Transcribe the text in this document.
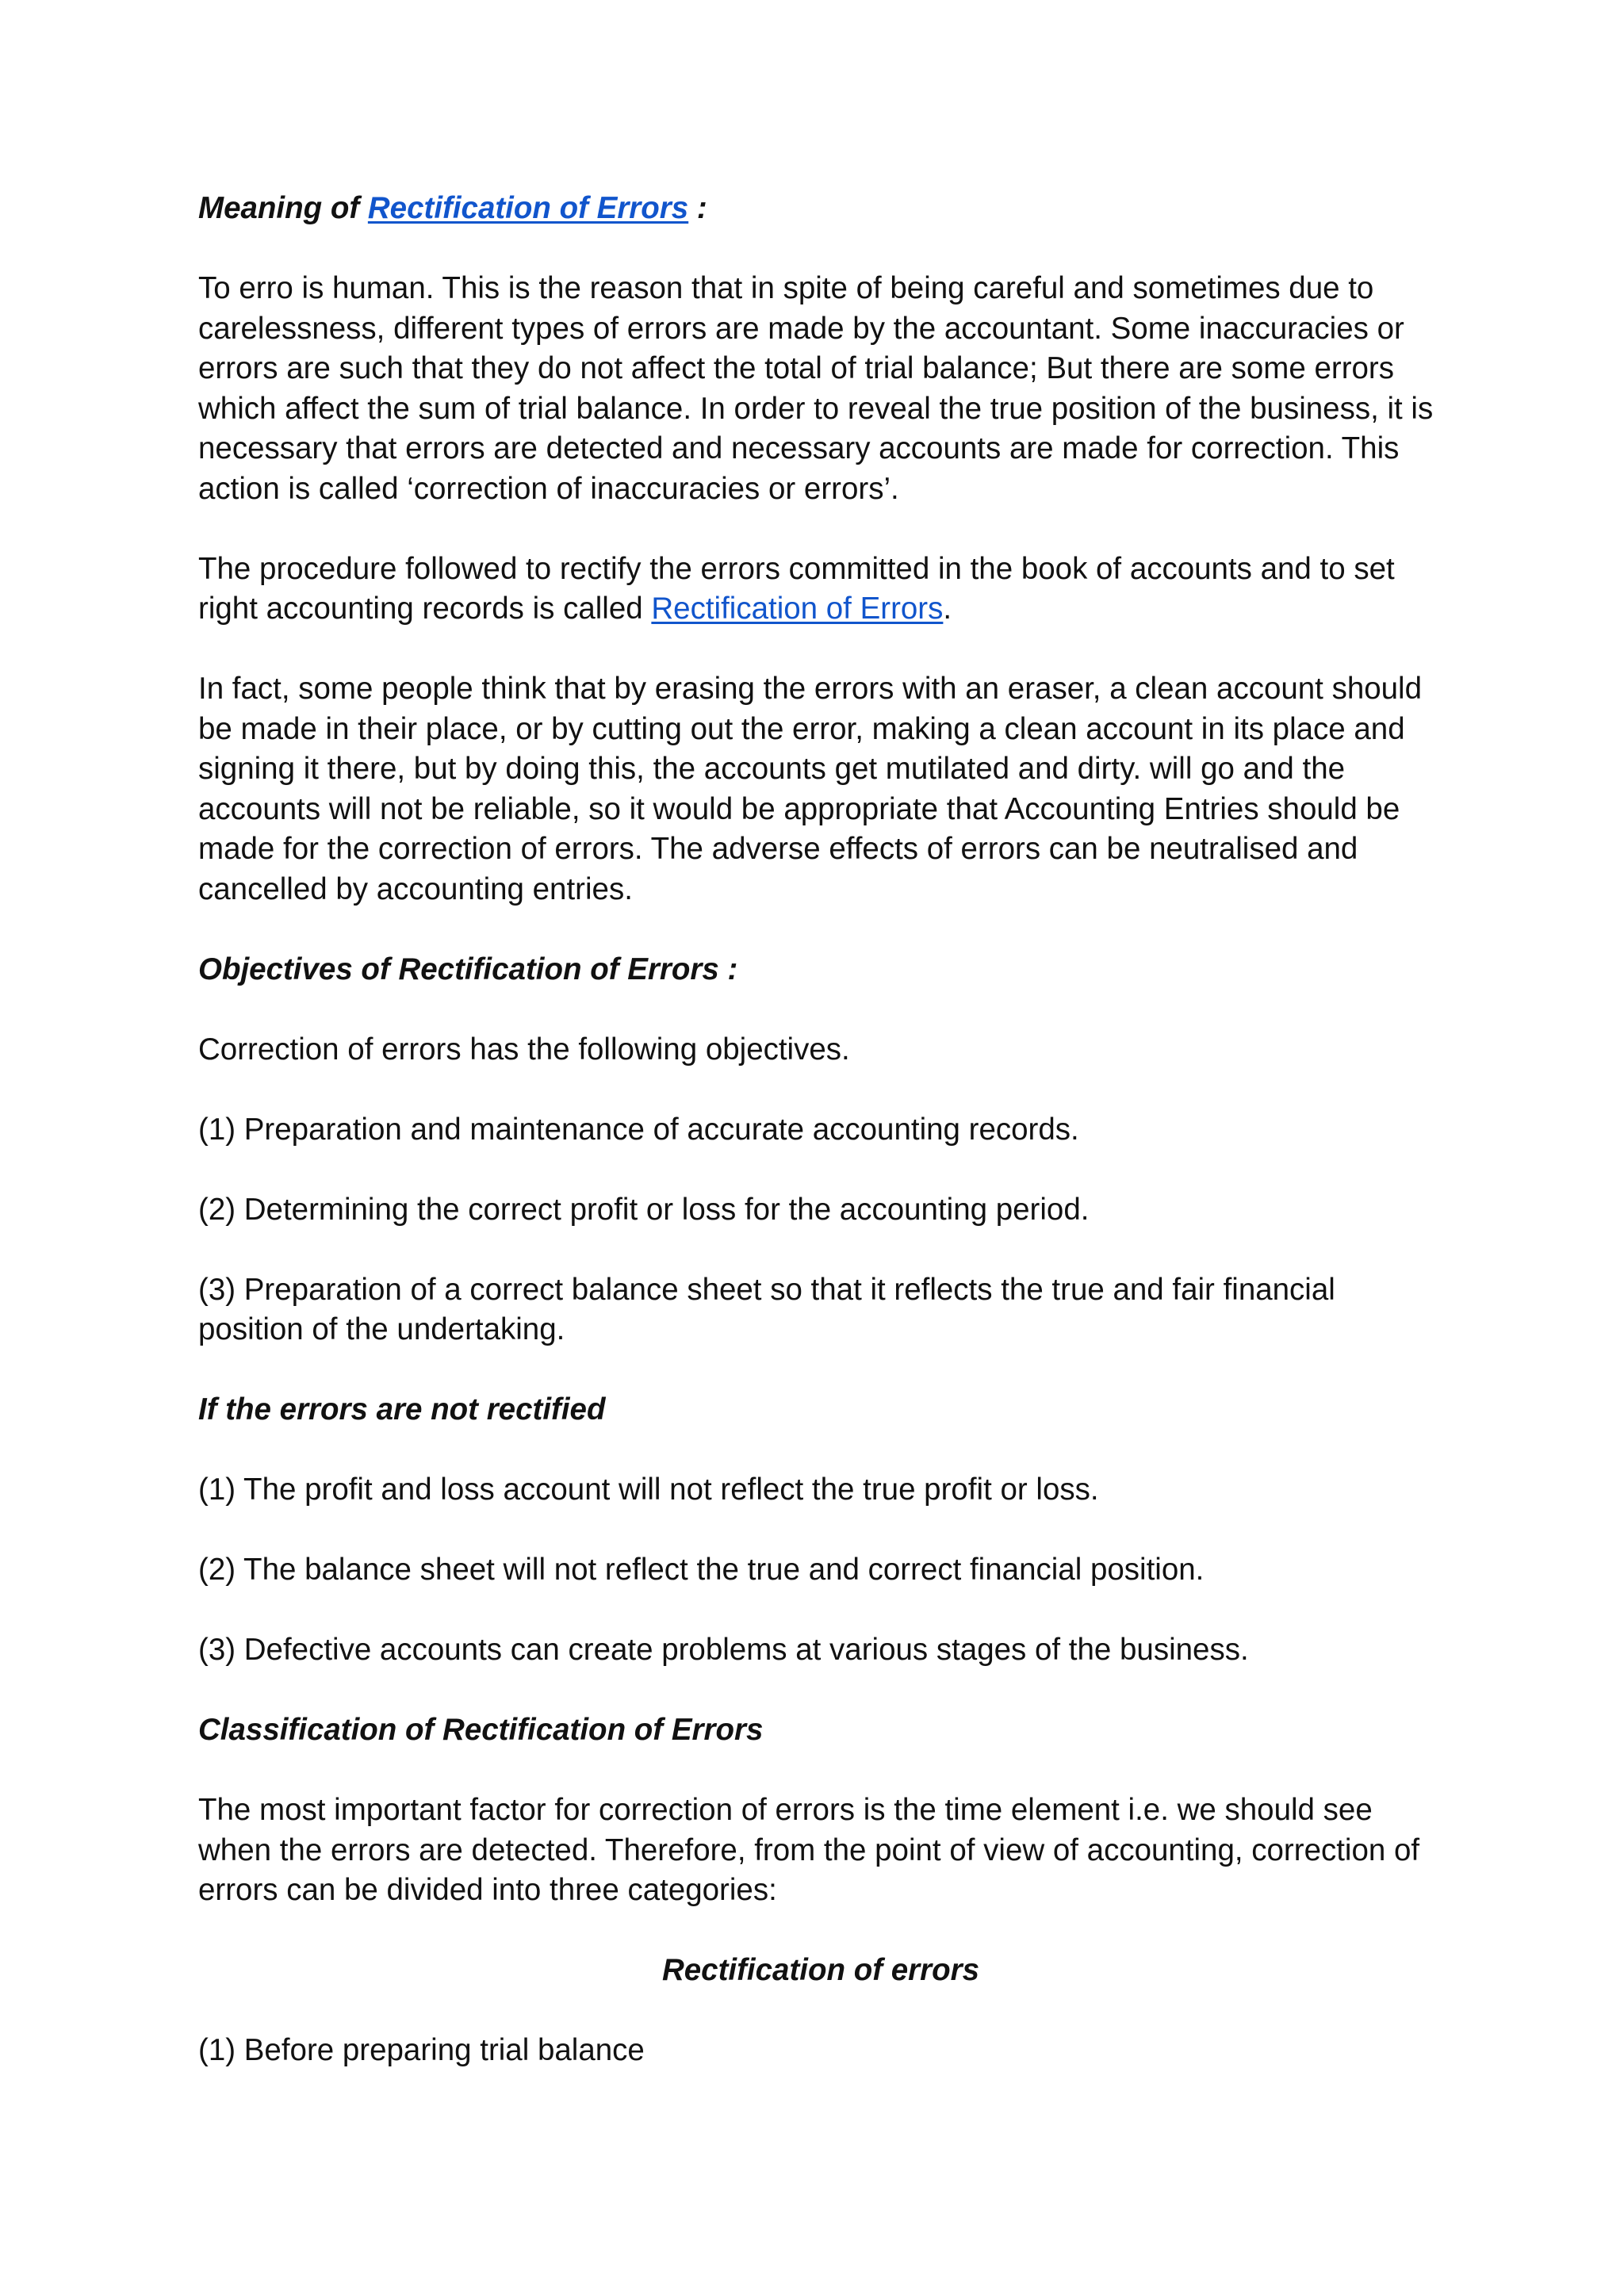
Meaning of Rectification of Errors :

To erro is human. This is the reason that in spite of being careful and sometimes due to carelessness, different types of errors are made by the accountant. Some inaccuracies or errors are such that they do not affect the total of trial balance; But there are some errors which affect the sum of trial balance. In order to reveal the true position of the business, it is necessary that errors are detected and necessary accounts are made for correction. This action is called ‘correction of inaccuracies or errors’.

The procedure followed to rectify the errors committed in the book of accounts and to set right accounting records is called Rectification of Errors.

In fact, some people think that by erasing the errors with an eraser, a clean account should be made in their place, or by cutting out the error, making a clean account in its place and signing it there, but by doing this, the accounts get mutilated and dirty. will go and the accounts will not be reliable, so it would be appropriate that Accounting Entries should be made for the correction of errors. The adverse effects of errors can be neutralised and cancelled by accounting entries.

Objectives of Rectification of Errors :

Correction of errors has the following objectives.

(1) Preparation and maintenance of accurate accounting records.

(2) Determining the correct profit or loss for the accounting period.

(3) Preparation of a correct balance sheet so that it reflects the true and fair financial position of the undertaking.

If the errors are not rectified

(1) The profit and loss account will not reflect the true profit or loss.

(2) The balance sheet will not reflect the true and correct financial position.

(3) Defective accounts can create problems at various stages of the business.

Classification of Rectification of Errors

The most important factor for correction of errors is the time element i.e. we should see when the errors are detected. Therefore, from the point of view of accounting, correction of errors can be divided into three categories:

Rectification of errors

(1) Before preparing trial balance
